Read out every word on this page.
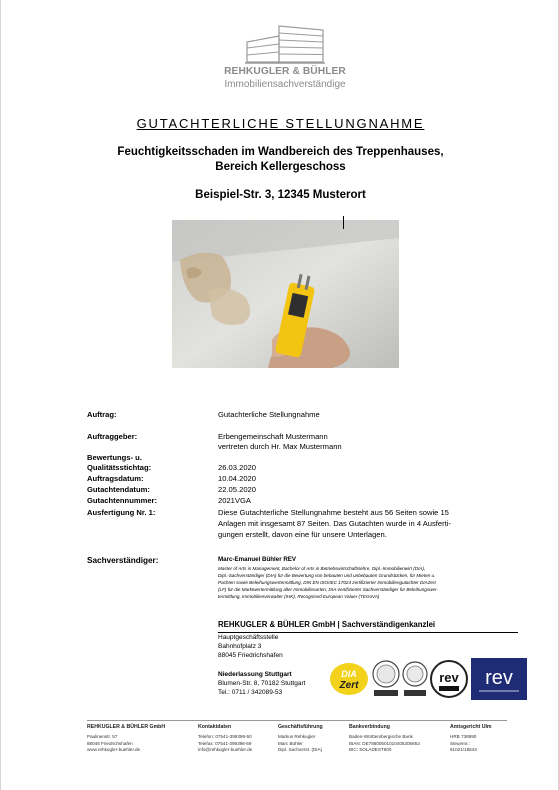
REHKUGLER & BÜHLER
Immobiliensachverständige
GUTACHTERLICHE STELLUNGNAHME
Feuchtigkeitsschaden im Wandbereich des Treppenhauses,
Bereich Kellergeschoss
Beispiel-Str. 3, 12345 Musterort
Auftrag:	Gutachterliche Stellungnahme
Auftraggeber:	Erbengemeinschaft Mustermann
vertreten durch Hr. Max Mustermann
Bewertungs- u.
Qualitätsstichtag:	26.03.2020
Auftragsdatum:	10.04.2020
Gutachtendatum:	22.05.2020
Gutachtennummer:	2021VGA
Ausfertigung Nr. 1:	Diese Gutachterliche Stellungnahme besteht aus 56 Seiten sowie 15
Anlagen mit insgesamt 87 Seiten. Das Gutachten wurde in 4 Ausferti-
gungen erstellt, davon eine für unsere Unterlagen.
Sachverständiger:	Marc-Emanuel Bühler REV
Master of Arts in Management, Bachelor of Arts in Betriebswirtschaftslehre, Dipl.-Immobilienwirt (DIA),
Dipl.-Sachverständiger (DIA) für die Bewertung von bebauten und unbebauten Grundstücken, für Mieten u.
Pachten sowie Beleihungswertermittlung, DIN EN ISO/IEC 17024 zertifizierter Immobiliengutachter DIAZert
(LF) für die Marktwertermittlung aller Immobilienarten, DIA-zertifizierter Sachverständiger für Beleihungswer-
termittlung, Immobilienverwalter (IHK), Recognised European Valuer (TEGoVA)
REHKUGLER & BÜHLER GmbH | Sachverständigenkanzlei
Hauptgeschäftsstelle
Bahnhofplatz 3
88045 Friedrichshafen
Niederlassung Stuttgart
Blumen-Str. 8, 70182 Stuttgart
Tel.: 0711 / 342089-53
DIA
Zert
rev rev
REHKUGLER & BÜHLER GmbH
Paulinenstr. 57
88046 Friedrichshafen
www.rehkugler-buehler.de
Kontaktdaten
Telefon: 07541-399398-50
Telefax: 07541-399398-59
info@rehkugler-buehler.de
Geschäftsführung
Markus Rehkugler
Marc Bühler
Dipl. Sachverst. (DIA)
Bankverbindung
Baden-Württembergische Bank
IBAN: DE78600501010405306653
BIC: SOLADEST600
Amtsgericht Ulm
HRB 738990
Steuernr.:
61021/18543
